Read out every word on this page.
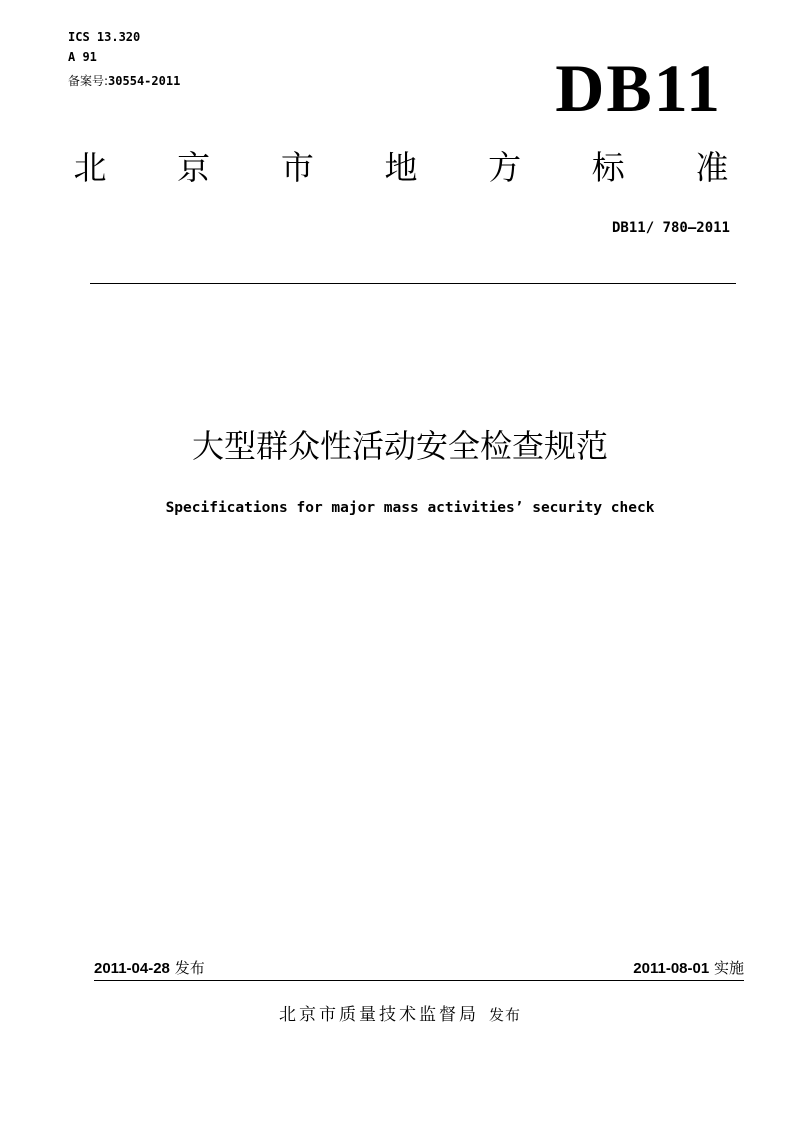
ICS 13.320
A 91
备案号:30554-2011	DB11
北 京 市 地 方 标 准
DB11/ 780—2011
大型群众性活动安全检查规范
Specifications for major mass activities’ security check
2011-04-28 发布	2011-08-01 实施
北京市质量技术监督局 发布
